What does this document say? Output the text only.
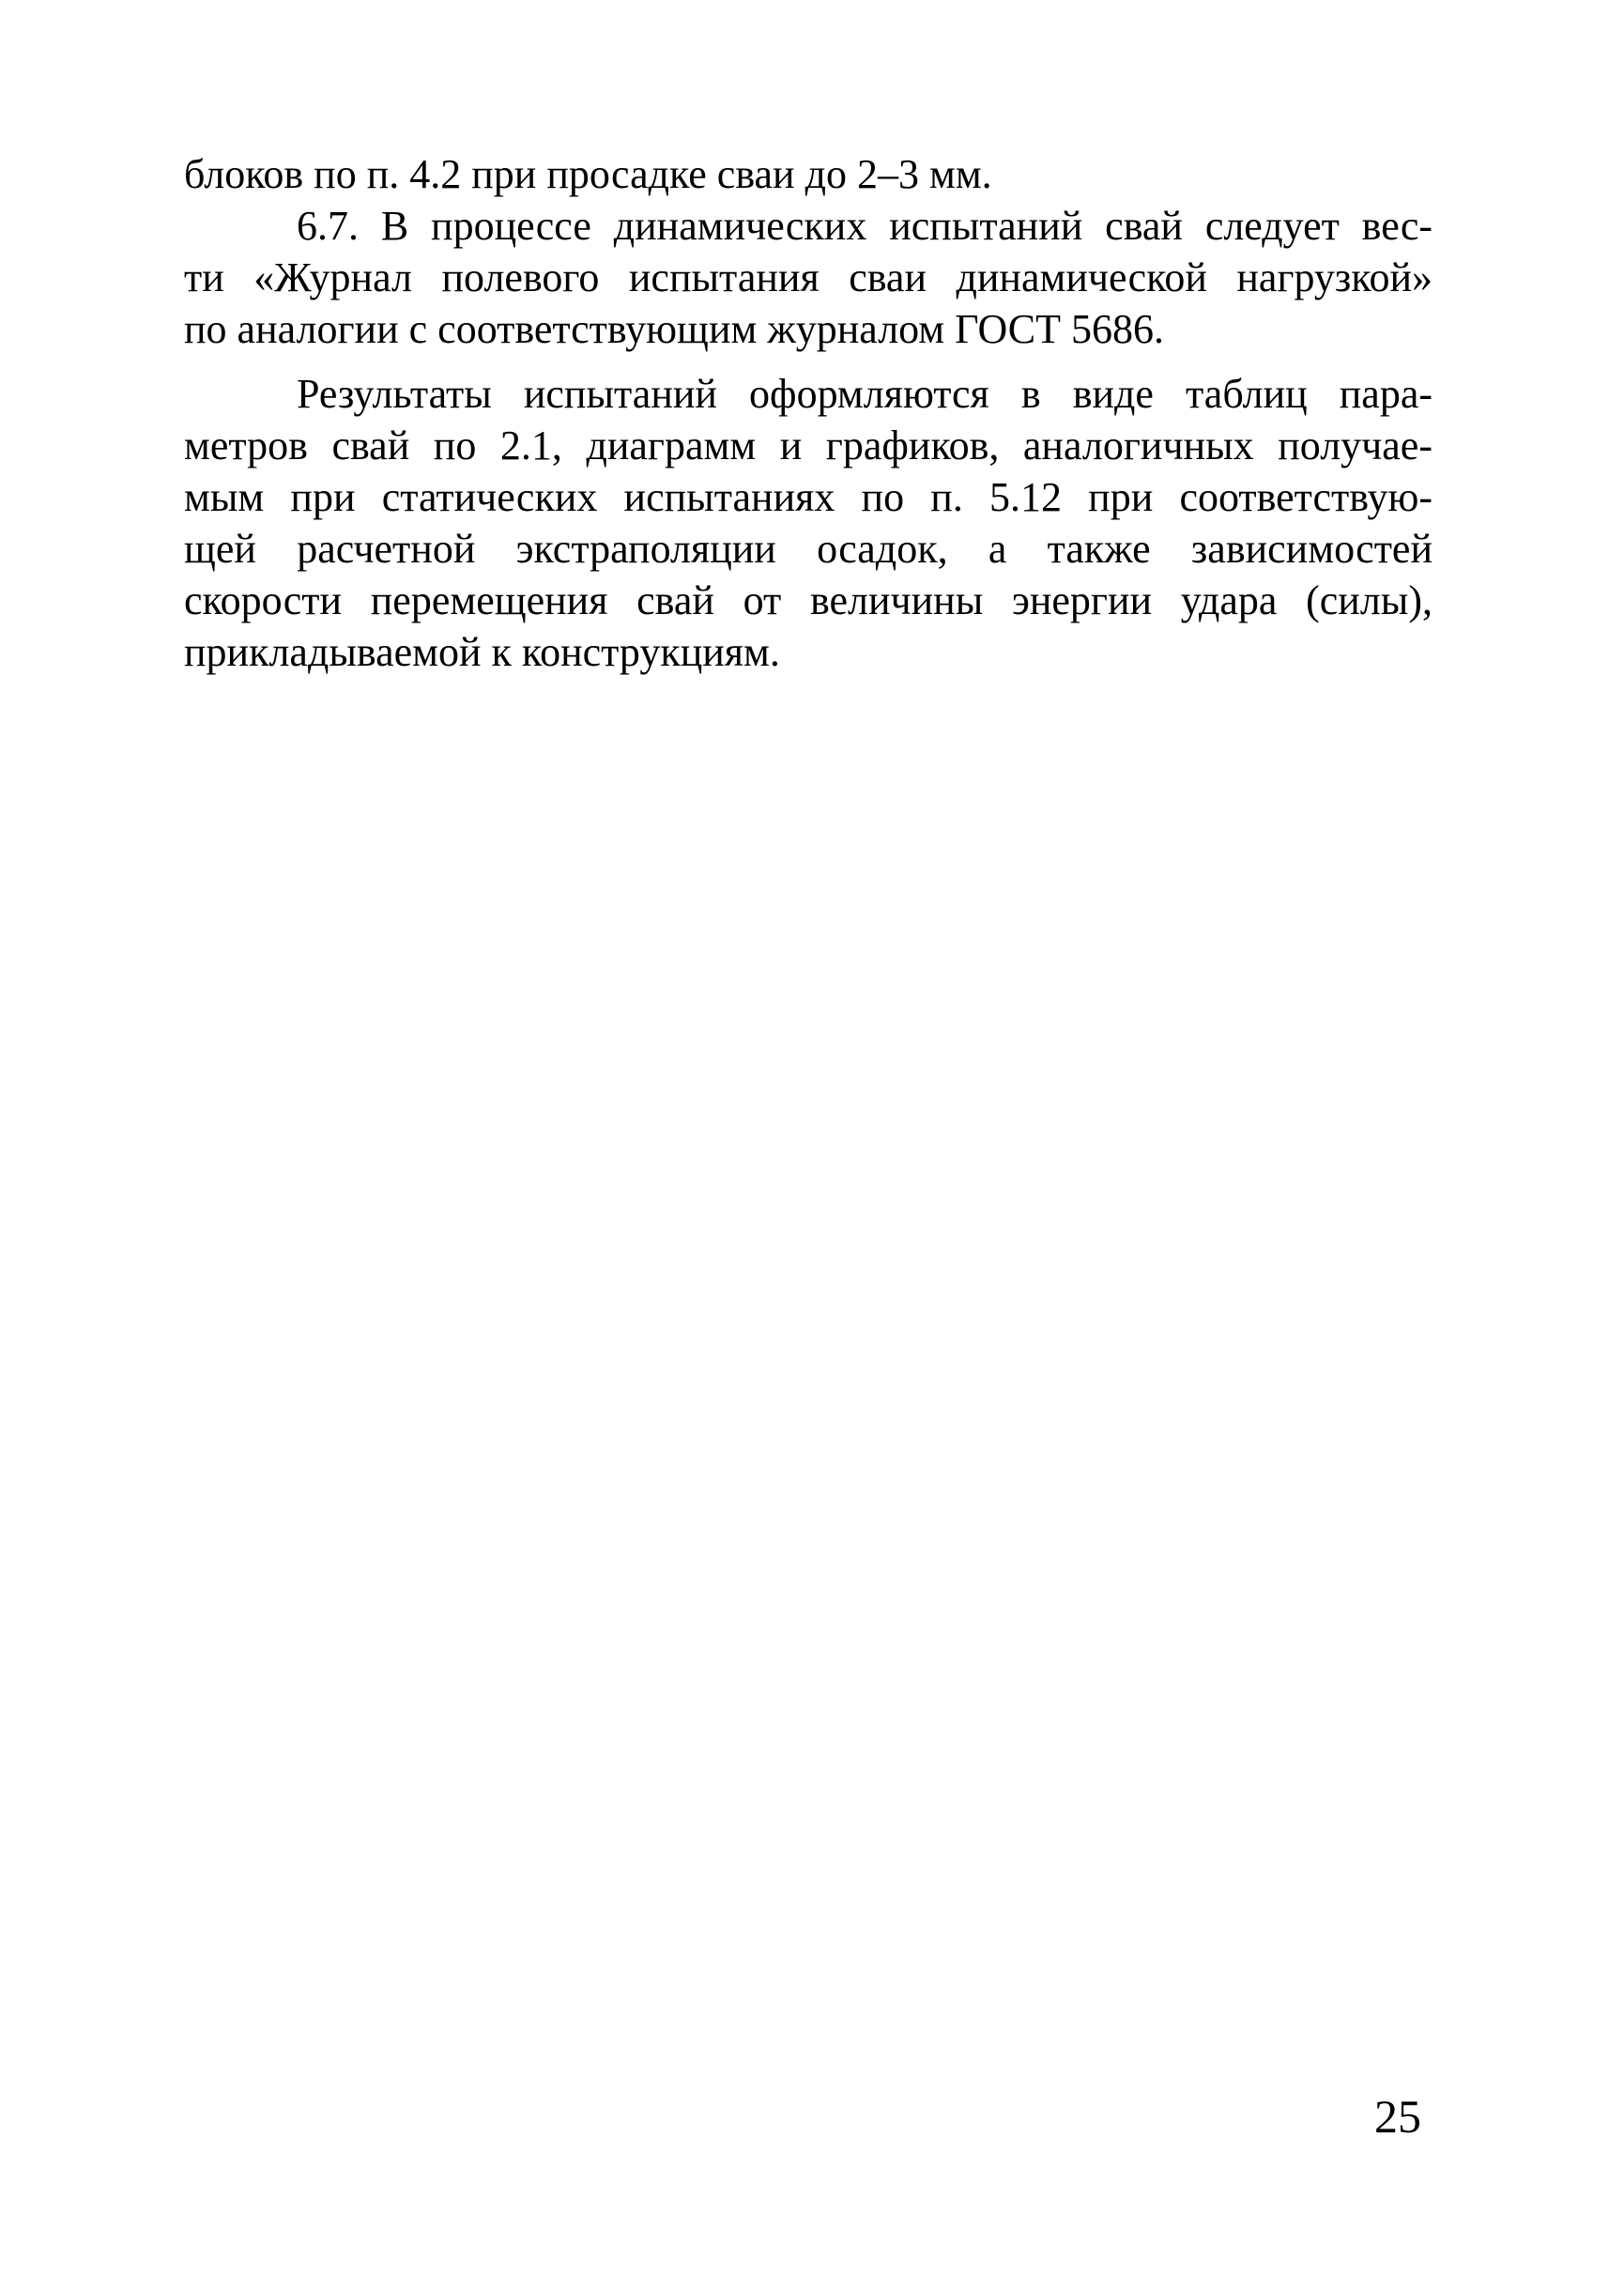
блоков по п. 4.2 при просадке сваи до 2–3 мм.
6.7. В процессе динамических испытаний свай следует вес-
ти «Журнал полевого испытания сваи динамической нагрузкой»
по аналогии с соответствующим журналом ГОСТ 5686.
Результаты испытаний оформляются в виде таблиц пара-
метров свай по 2.1, диаграмм и графиков, аналогичных получае-
мым при статических испытаниях по п. 5.12 при соответствую-
щей расчетной экстраполяции осадок, а также зависимостей
скорости перемещения свай от величины энергии удара (силы),
прикладываемой к конструкциям.
25
